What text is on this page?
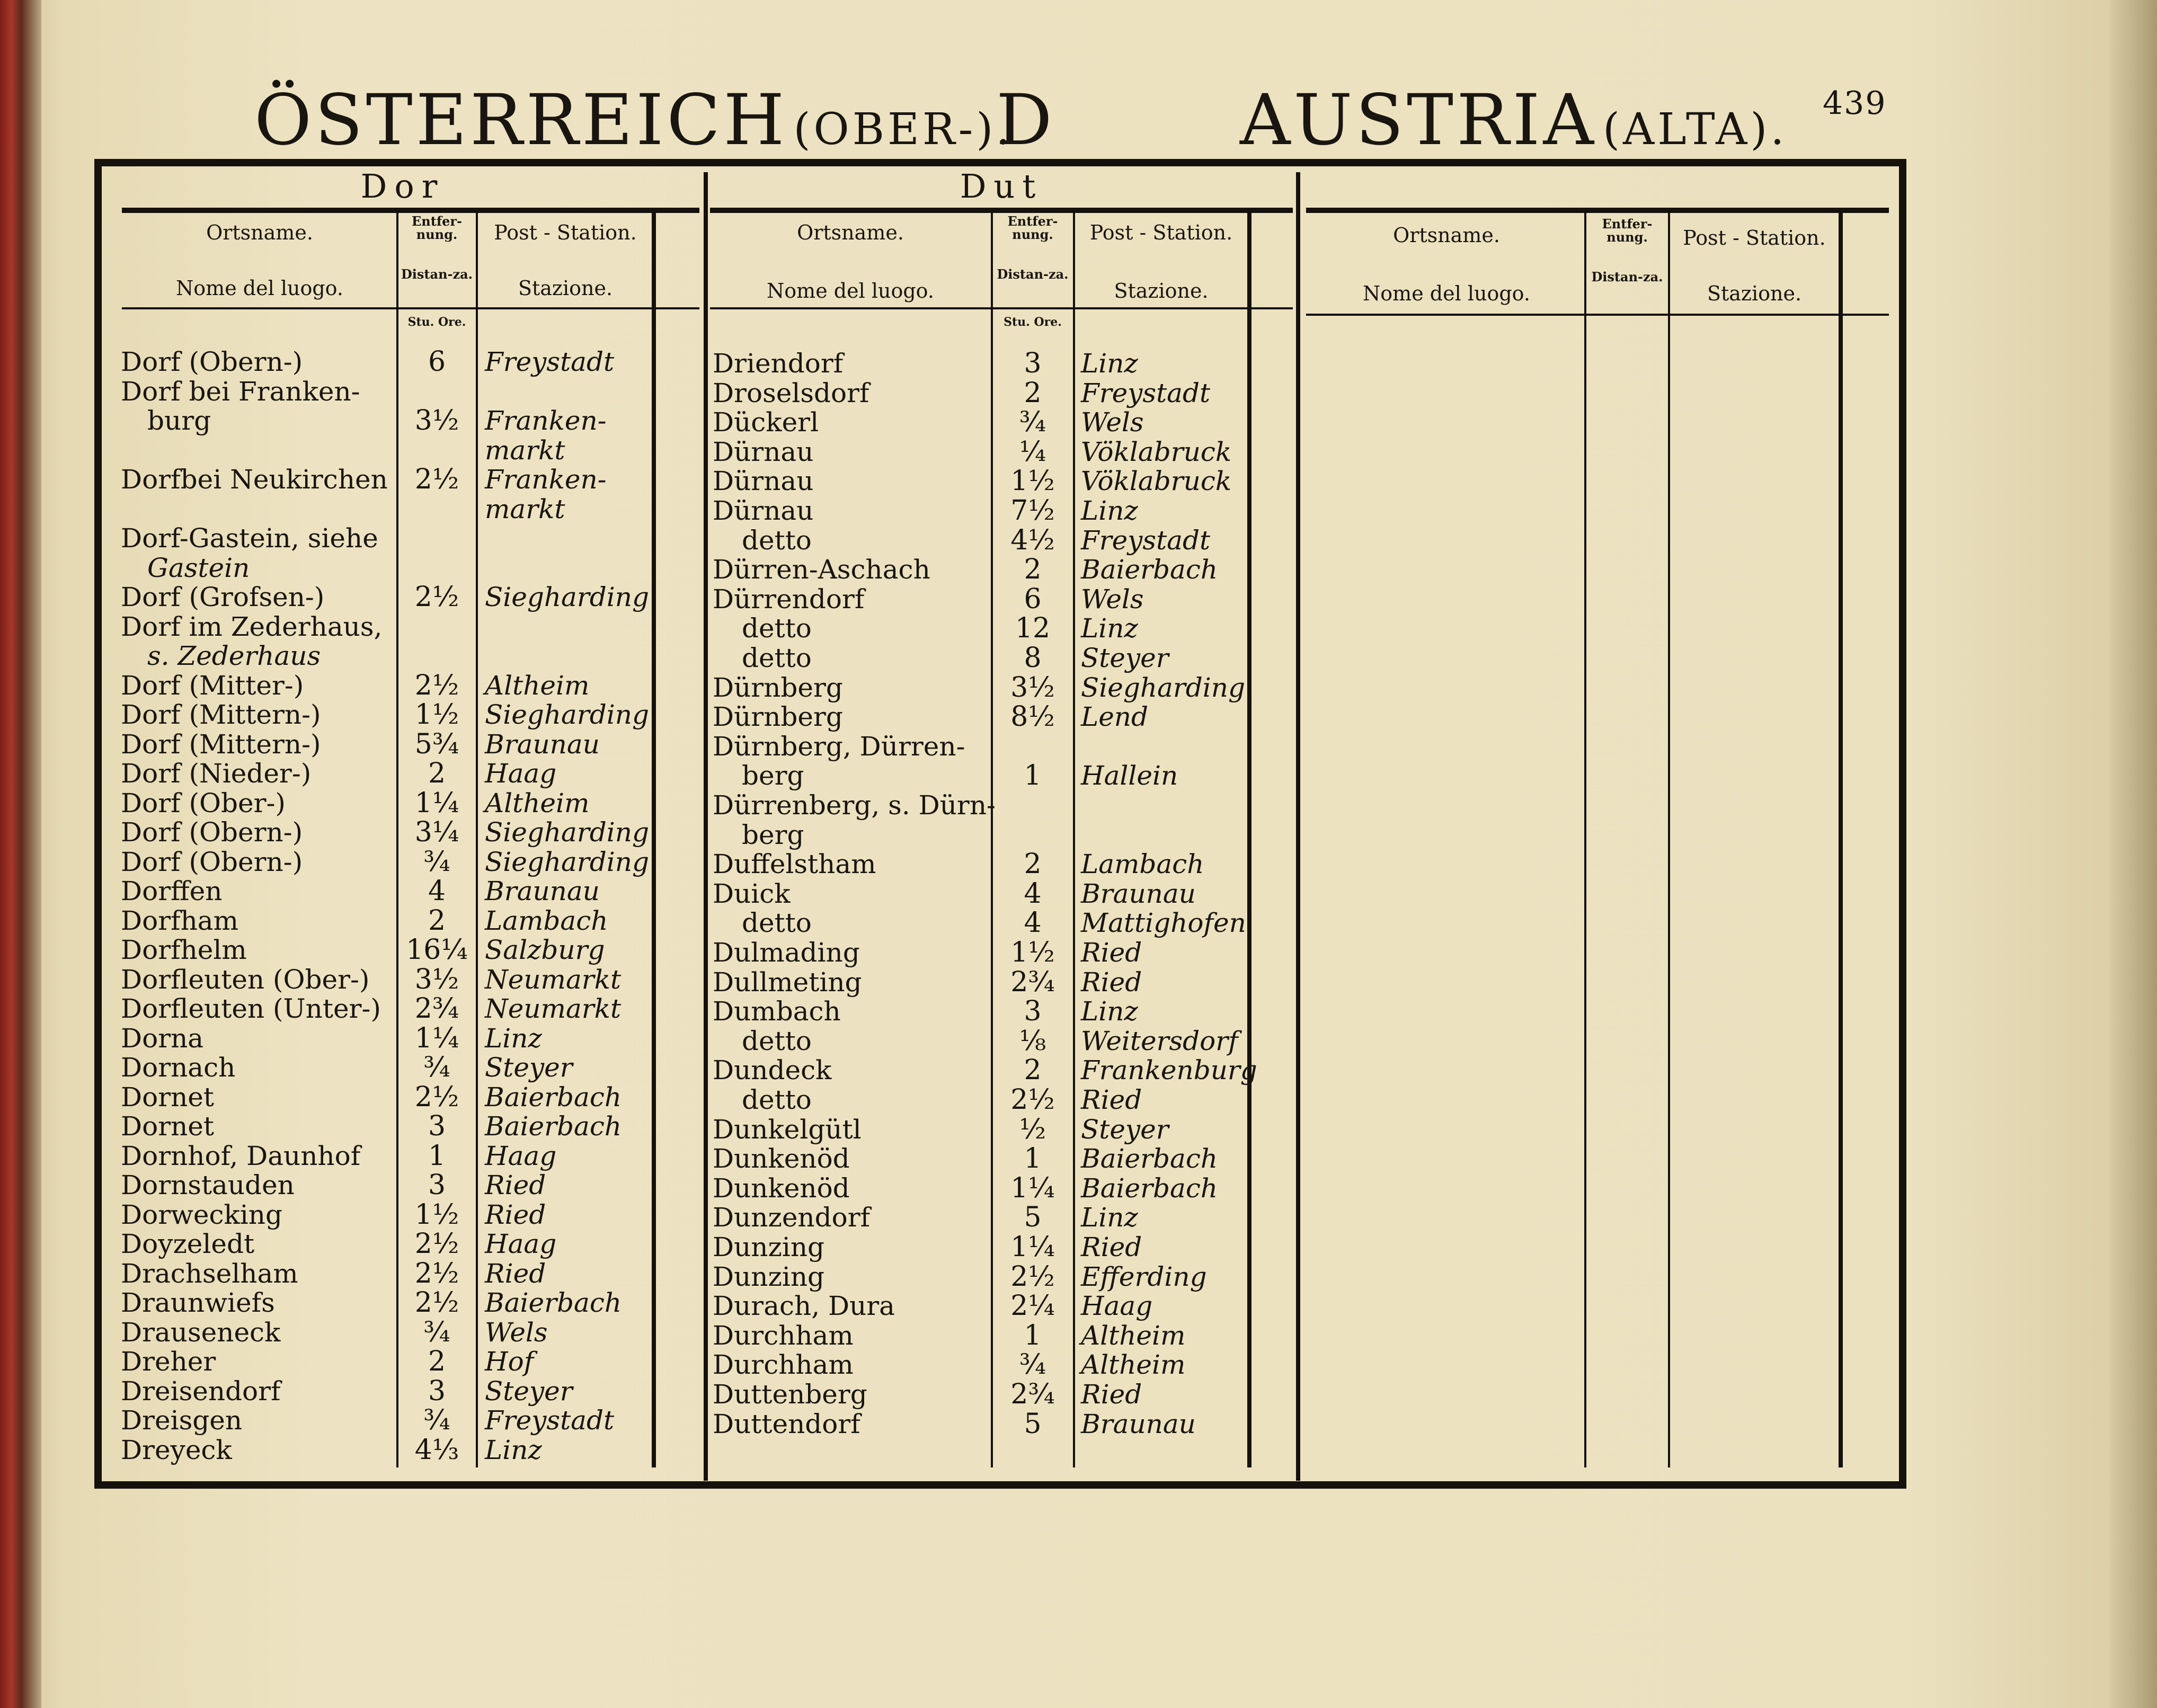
ÖSTERREICH (OBER-).
D	AUSTRIA (ALTA).
439
Dor	Dut
Ortsname.
Nome del luogo.
Entfer-nung.
Distan-za.
Post - Station.
Stazione.
Stu. Ore.
Ortsname.
Nome del luogo.
Entfer-nung.
Distan-za.
Post - Station.
Stazione.
Stu. Ore.
Ortsname.
Nome del luogo.
Entfer-nung.
Distan-za.
Post - Station.
Stazione.
Dorf (Obern-)	6	Freystadt
Dorf bei Franken-
burg	3½ Franken-
markt
Dorfbei Neukirchen 2½ Franken-
markt
Dorf-Gastein, siehe
Gastein
Dorf (Grofsen-)	2½ Siegharding
Dorf im Zederhaus,
s. Zederhaus
Dorf (Mitter-)	2½ Altheim
Dorf (Mittern-)	1½ Siegharding
Dorf (Mittern-)	5¾ Braunau
Dorf (Nieder-)	2	Haag
Dorf (Ober-)	1¼ Altheim
Dorf (Obern-)	3¼ Siegharding
Dorf (Obern-)	¾	Siegharding
Dorffen	4	Braunau
Dorfham	2	Lambach
Dorfhelm	16¼ Salzburg
Dorfleuten (Ober-)	3½ Neumarkt
Dorfleuten (Unter-)	2¾ Neumarkt
Dorna	1¼ Linz
Dornach	¾	Steyer
Dornet	2½ Baierbach
Dornet	3	Baierbach
Dornhof, Daunhof	1	Haag
Dornstauden	3	Ried
Dorwecking	1½ Ried
Doyzeledt	2½ Haag
Drachselham	2½ Ried
Draunwiefs	2½ Baierbach
Drauseneck	¾	Wels
Dreher	2	Hof
Dreisendorf	3	Steyer
Dreisgen	¾	Freystadt
Dreyeck	4⅓ Linz
Driendorf	3	Linz
Droselsdorf	2	Freystadt
Dückerl	¾	Wels
Dürnau	¼	Vöklabruck
Dürnau	1½ Vöklabruck
Dürnau	7½ Linz
detto	4½ Freystadt
Dürren-Aschach	2	Baierbach
Dürrendorf	6	Wels
detto	12	Linz
detto	8	Steyer
Dürnberg	3½ Siegharding
Dürnberg	8½ Lend
Dürnberg, Dürren-
berg	1	Hallein
Dürrenberg, s. Dürn-
berg
Duffelstham	2	Lambach
Duick	4	Braunau
detto	4	Mattighofen
Dulmading	1½ Ried
Dullmeting	2¾ Ried
Dumbach	3	Linz
detto	⅛	Weitersdorf
Dundeck	2	Frankenburg
detto	2½ Ried
Dunkelgütl	½	Steyer
Dunkenöd	1	Baierbach
Dunkenöd	1¼ Baierbach
Dunzendorf	5	Linz
Dunzing	1¼ Ried
Dunzing	2½ Efferding
Durach, Dura	2¼ Haag
Durchham	1	Altheim
Durchham	¾	Altheim
Duttenberg	2¾ Ried
Duttendorf	5	Braunau
